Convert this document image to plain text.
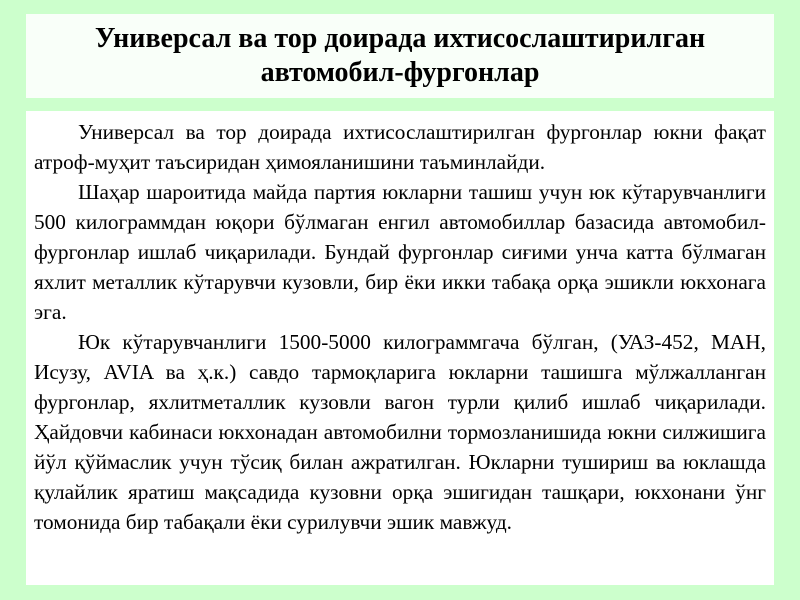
Универсал ва тор доирада ихтисослаштирилган
автомобил-фургонлар

Универсал ва тор доирада ихтисослаштирилган фургонлар юкни фақат атроф-муҳит таъсиридан ҳимояланишини таъминлайди.

Шаҳар шароитида майда партия юкларни ташиш учун юк кўтарувчанлиги 500 килограммдан юқори бўлмаган енгил автомобиллар базасида автомобил-фургонлар ишлаб чиқарилади. Бундай фургонлар сиғими унча катта бўлмаган яхлит металлик кўтарувчи кузовли, бир ёки икки табақа орқа эшикли юкхонага эга.

Юк кўтарувчанлиги 1500-5000 килограммгача бўлган, (УАЗ-452, МАН, Исузу, AVIA ва ҳ.к.) савдо тармоқларига юкларни ташишга мўлжалланган фургонлар, яхлитметаллик кузовли вагон турли қилиб ишлаб чиқарилади. Ҳайдовчи кабинаси юкхонадан автомобилни тормозланишида юкни силжишига йўл қўймаслик учун тўсиқ билан ажратилган. Юкларни тушириш ва юклашда қулайлик яратиш мақсадида кузовни орқа эшигидан ташқари, юкхонани ўнг томонида бир табақали ёки сурилувчи эшик мавжуд.
